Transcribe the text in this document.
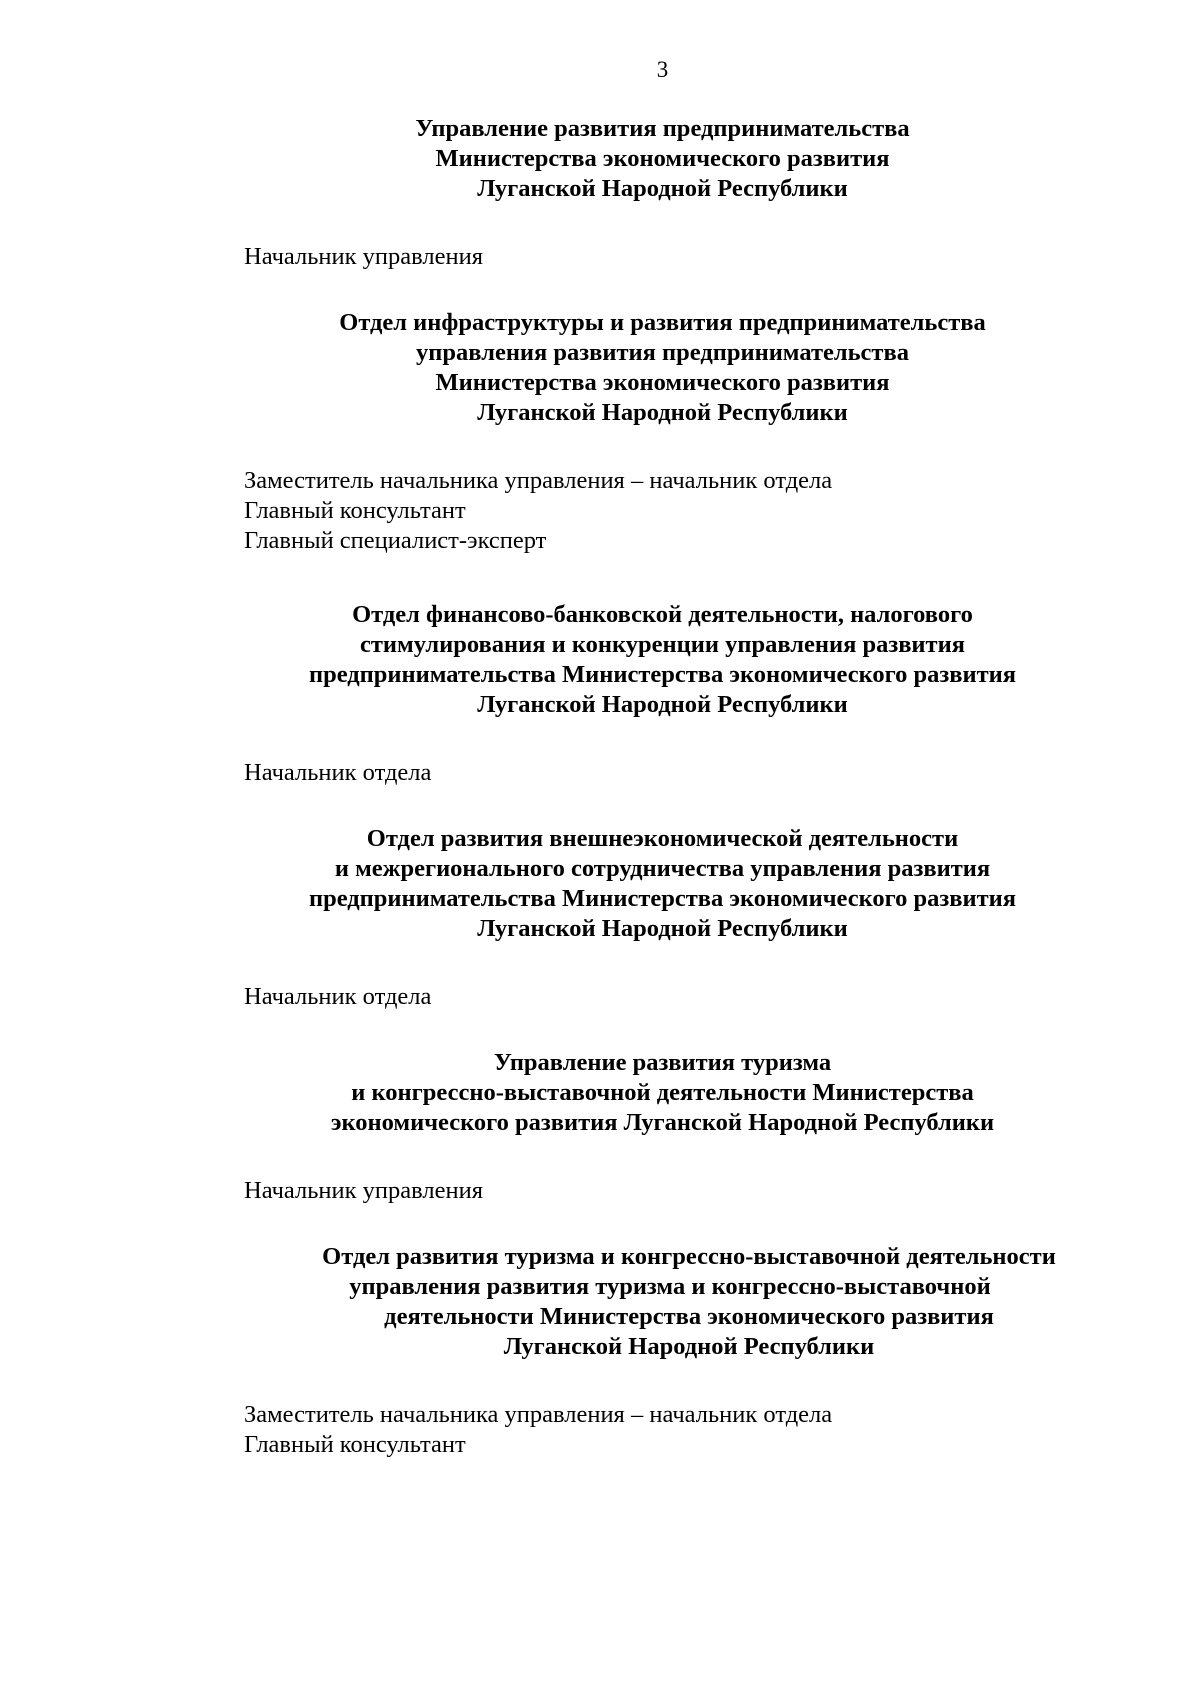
3
Управление развития предпринимательства
Министерства экономического развития
Луганской Народной Республики
Начальник управления
Отдел инфраструктуры и развития предпринимательства
управления развития предпринимательства
Министерства экономического развития
Луганской Народной Республики
Заместитель начальника управления – начальник отдела
Главный консультант
Главный специалист-эксперт
Отдел финансово-банковской деятельности, налогового
стимулирования и конкуренции управления развития
предпринимательства Министерства экономического развития
Луганской Народной Республики
Начальник отдела
Отдел развития внешнеэкономической деятельности
и межрегионального сотрудничества управления развития
предпринимательства Министерства экономического развития
Луганской Народной Республики
Начальник отдела
Управление развития туризма
и конгрессно-выставочной деятельности Министерства
экономического развития Луганской Народной Республики
Начальник управления
Отдел развития туризма и конгрессно-выставочной деятельности
управления развития туризма и конгрессно-выставочной
деятельности Министерства экономического развития
Луганской Народной Республики
Заместитель начальника управления – начальник отдела
Главный консультант
